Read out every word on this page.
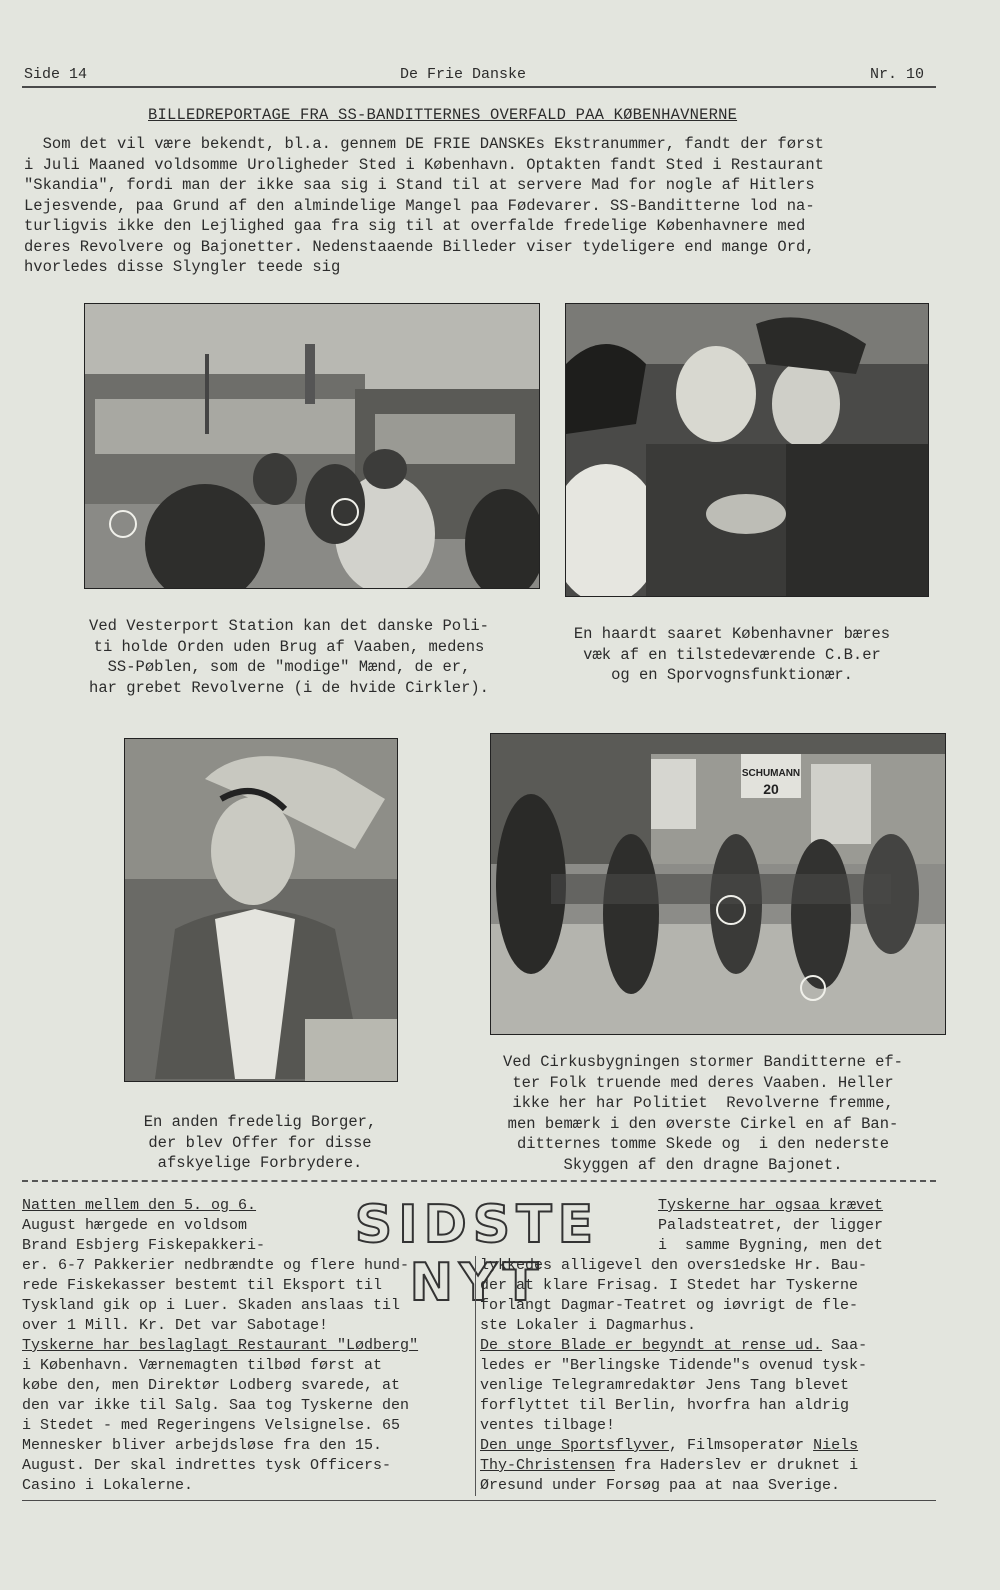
Side 14	De Frie Danske	Nr. 10
BILLEDREPORTAGE FRA SS-BANDITTERNES OVERFALD PAA KØBENHAVNERNE
Som det vil være bekendt, bl.a. gennem DE FRIE DANSKEs Ekstranummer, fandt der først
i Juli Maaned voldsomme Uroligheder Sted i København. Optakten fandt Sted i Restaurant
"Skandia", fordi man der ikke saa sig i Stand til at servere Mad for nogle af Hitlers
Lejesvende, paa Grund af den almindelige Mangel paa Fødevarer. SS-Banditterne lod na-
turligvis ikke den Lejlighed gaa fra sig til at overfalde fredelige Københavnere med
deres Revolvere og Bajonetter. Nedenstaaende Billeder viser tydeligere end mange Ord,
hvorledes disse Slyngler teede sig
Ved Vesterport Station kan det danske Poli-
ti holde Orden uden Brug af Vaaben, medens
SS-Pøblen, som de "modige" Mænd, de er,
har grebet Revolverne (i de hvide Cirkler).
En haardt saaret Københavner bæres
væk af en tilstedeværende C.B.er
og en Sporvognsfunktionær.
En anden fredelig Borger,
der blev Offer for disse
afskyelige Forbrydere.
SCHUMANN
20
Ved Cirkusbygningen stormer Banditterne ef-
ter Folk truende med deres Vaaben. Heller
ikke her har Politiet  Revolverne fremme,
men bemærk i den øverste Cirkel en af Ban-
ditternes tomme Skede og  i den nederste
Skyggen af den dragne Bajonet.
SIDSTE NYT
Natten mellem den 5. og 6.
August hærgede en voldsom
Brand Esbjerg Fiskepakkeri-
er. 6-7 Pakkerier nedbrændte og flere hund-
rede Fiskekasser bestemt til Eksport til
Tyskland gik op i Luer. Skaden anslaas til
over 1 Mill. Kr. Det var Sabotage!
Tyskerne har beslaglagt Restaurant "Lødberg"
i København. Værnemagten tilbød først at
købe den, men Direktør Lodberg svarede, at
den var ikke til Salg. Saa tog Tyskerne den
i Stedet - med Regeringens Velsignelse. 65
Mennesker bliver arbejdsløse fra den 15.
August. Der skal indrettes tysk Officers-
Casino i Lokalerne.
Tyskerne har ogsaa krævet
Paladsteatret, der ligger
i  samme Bygning, men det
lykkedes alligevel den overs1edske Hr. Bau-
der at klare Frisag. I Stedet har Tyskerne
forlangt Dagmar-Teatret og iøvrigt de fle-
ste Lokaler i Dagmarhus.
De store Blade er begyndt at rense ud. Saa-
ledes er "Berlingske Tidende"s ovenud tysk-
venlige Telegramredaktør Jens Tang blevet
forflyttet til Berlin, hvorfra han aldrig
ventes tilbage!
Den unge Sportsflyver, Filmsoperatør Niels
Thy-Christensen fra Haderslev er druknet i
Øresund under Forsøg paa at naa Sverige.
